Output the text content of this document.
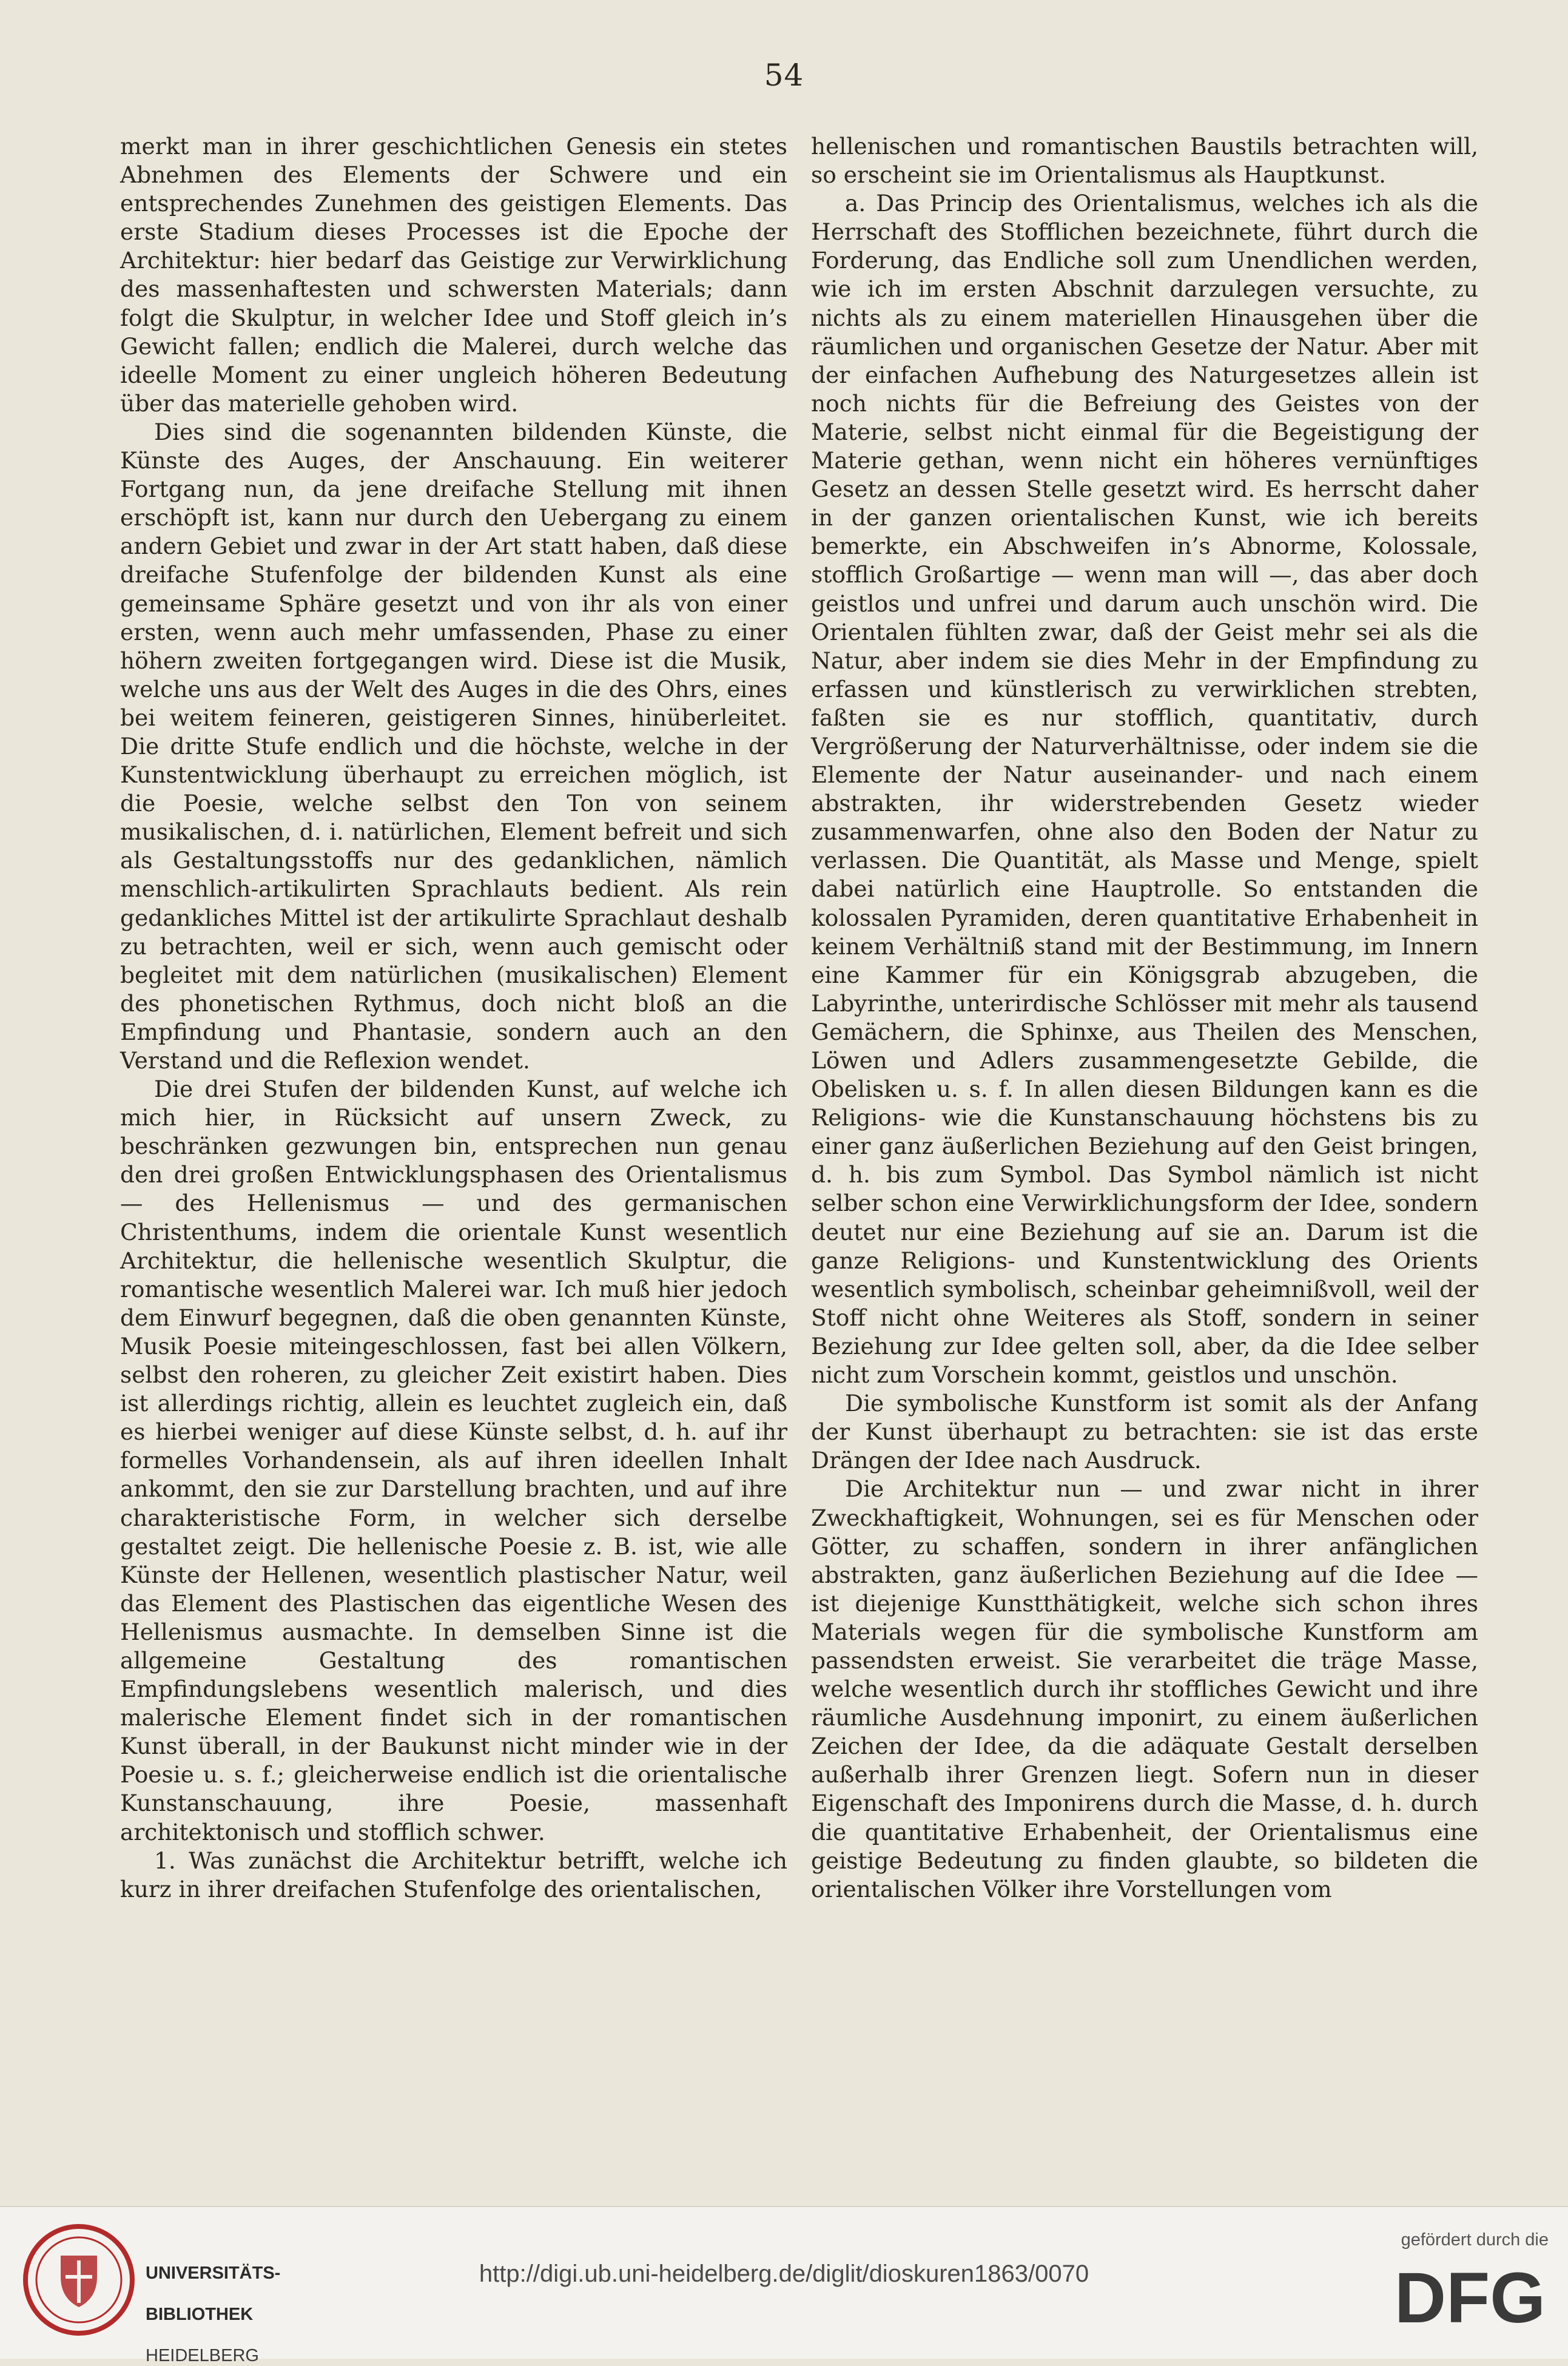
54

merkt man in ihrer geschichtlichen Genesis ein stetes Abnehmen des Elements der Schwere und ein entsprechendes Zunehmen des geistigen Elements. Das erste Stadium dieses Processes ist die Epoche der Architektur: hier bedarf das Geistige zur Verwirklichung des massenhaftesten und schwersten Materials; dann folgt die Skulptur, in welcher Idee und Stoff gleich in’s Gewicht fallen; endlich die Malerei, durch welche das ideelle Moment zu einer ungleich höheren Bedeutung über das materielle gehoben wird.

Dies sind die sogenannten bildenden Künste, die Künste des Auges, der Anschauung. Ein weiterer Fortgang nun, da jene dreifache Stellung mit ihnen erschöpft ist, kann nur durch den Uebergang zu einem andern Gebiet und zwar in der Art statt haben, daß diese dreifache Stufenfolge der bildenden Kunst als eine gemeinsame Sphäre gesetzt und von ihr als von einer ersten, wenn auch mehr umfassenden, Phase zu einer höhern zweiten fortgegangen wird. Diese ist die Musik, welche uns aus der Welt des Auges in die des Ohrs, eines bei weitem feineren, geistigeren Sinnes, hinüberleitet. Die dritte Stufe endlich und die höchste, welche in der Kunstentwicklung überhaupt zu erreichen möglich, ist die Poesie, welche selbst den Ton von seinem musikalischen, d. i. natürlichen, Element befreit und sich als Gestaltungsstoffs nur des gedanklichen, nämlich menschlich-artikulirten Sprachlauts bedient. Als rein gedankliches Mittel ist der artikulirte Sprachlaut deshalb zu betrachten, weil er sich, wenn auch gemischt oder begleitet mit dem natürlichen (musikalischen) Element des phonetischen Rythmus, doch nicht bloß an die Empfindung und Phantasie, sondern auch an den Verstand und die Reflexion wendet.

Die drei Stufen der bildenden Kunst, auf welche ich mich hier, in Rücksicht auf unsern Zweck, zu beschränken gezwungen bin, entsprechen nun genau den drei großen Entwicklungsphasen des Orientalismus — des Hellenismus — und des germanischen Christenthums, indem die orientale Kunst wesentlich Architektur, die hellenische wesentlich Skulptur, die romantische wesentlich Malerei war. Ich muß hier jedoch dem Einwurf begegnen, daß die oben genannten Künste, Musik Poesie miteingeschlossen, fast bei allen Völkern, selbst den roheren, zu gleicher Zeit existirt haben. Dies ist allerdings richtig, allein es leuchtet zugleich ein, daß es hierbei weniger auf diese Künste selbst, d. h. auf ihr formelles Vorhandensein, als auf ihren ideellen Inhalt ankommt, den sie zur Darstellung brachten, und auf ihre charakteristische Form, in welcher sich derselbe gestaltet zeigt. Die hellenische Poesie z. B. ist, wie alle Künste der Hellenen, wesentlich plastischer Natur, weil das Element des Plastischen das eigentliche Wesen des Hellenismus ausmachte. In demselben Sinne ist die allgemeine Gestaltung des romantischen Empfindungslebens wesentlich malerisch, und dies malerische Element findet sich in der romantischen Kunst überall, in der Baukunst nicht minder wie in der Poesie u. s. f.; gleicherweise endlich ist die orientalische Kunstanschauung, ihre Poesie, massenhaft architektonisch und stofflich schwer.

1. Was zunächst die Architektur betrifft, welche ich kurz in ihrer dreifachen Stufenfolge des orientalischen,

hellenischen und romantischen Baustils betrachten will, so erscheint sie im Orientalismus als Hauptkunst.

a. Das Princip des Orientalismus, welches ich als die Herrschaft des Stofflichen bezeichnete, führt durch die Forderung, das Endliche soll zum Unendlichen werden, wie ich im ersten Abschnit darzulegen versuchte, zu nichts als zu einem materiellen Hinausgehen über die räumlichen und organischen Gesetze der Natur. Aber mit der einfachen Aufhebung des Naturgesetzes allein ist noch nichts für die Befreiung des Geistes von der Materie, selbst nicht einmal für die Begeistigung der Materie gethan, wenn nicht ein höheres vernünftiges Gesetz an dessen Stelle gesetzt wird. Es herrscht daher in der ganzen orientalischen Kunst, wie ich bereits bemerkte, ein Abschweifen in’s Abnorme, Kolossale, stofflich Großartige — wenn man will —, das aber doch geistlos und unfrei und darum auch unschön wird. Die Orientalen fühlten zwar, daß der Geist mehr sei als die Natur, aber indem sie dies Mehr in der Empfindung zu erfassen und künstlerisch zu verwirklichen strebten, faßten sie es nur stofflich, quantitativ, durch Vergrößerung der Naturverhältnisse, oder indem sie die Elemente der Natur auseinander- und nach einem abstrakten, ihr widerstrebenden Gesetz wieder zusammenwarfen, ohne also den Boden der Natur zu verlassen. Die Quantität, als Masse und Menge, spielt dabei natürlich eine Hauptrolle. So entstanden die kolossalen Pyramiden, deren quantitative Erhabenheit in keinem Verhältniß stand mit der Bestimmung, im Innern eine Kammer für ein Königsgrab abzugeben, die Labyrinthe, unterirdische Schlösser mit mehr als tausend Gemächern, die Sphinxe, aus Theilen des Menschen, Löwen und Adlers zusammengesetzte Gebilde, die Obelisken u. s. f. In allen diesen Bildungen kann es die Religions- wie die Kunstanschauung höchstens bis zu einer ganz äußerlichen Beziehung auf den Geist bringen, d. h. bis zum Symbol. Das Symbol nämlich ist nicht selber schon eine Verwirklichungsform der Idee, sondern deutet nur eine Beziehung auf sie an. Darum ist die ganze Religions- und Kunstentwicklung des Orients wesentlich symbolisch, scheinbar geheimnißvoll, weil der Stoff nicht ohne Weiteres als Stoff, sondern in seiner Beziehung zur Idee gelten soll, aber, da die Idee selber nicht zum Vorschein kommt, geistlos und unschön.

Die symbolische Kunstform ist somit als der Anfang der Kunst überhaupt zu betrachten: sie ist das erste Drängen der Idee nach Ausdruck.

Die Architektur nun — und zwar nicht in ihrer Zweckhaftigkeit, Wohnungen, sei es für Menschen oder Götter, zu schaffen, sondern in ihrer anfänglichen abstrakten, ganz äußerlichen Beziehung auf die Idee — ist diejenige Kunstthätigkeit, welche sich schon ihres Materials wegen für die symbolische Kunstform am passendsten erweist. Sie verarbeitet die träge Masse, welche wesentlich durch ihr stoffliches Gewicht und ihre räumliche Ausdehnung imponirt, zu einem äußerlichen Zeichen der Idee, da die adäquate Gestalt derselben außerhalb ihrer Grenzen liegt. Sofern nun in dieser Eigenschaft des Imponirens durch die Masse, d. h. durch die quantitative Erhabenheit, der Orientalismus eine geistige Bedeutung zu finden glaubte, so bildeten die orientalischen Völker ihre Vorstellungen vom

UNIVERSITÄTS-

BIBLIOTHEK

HEIDELBERG

http://digi.ub.uni-heidelberg.de/diglit/dioskuren1863/0070
gefördert durch die
DFG
